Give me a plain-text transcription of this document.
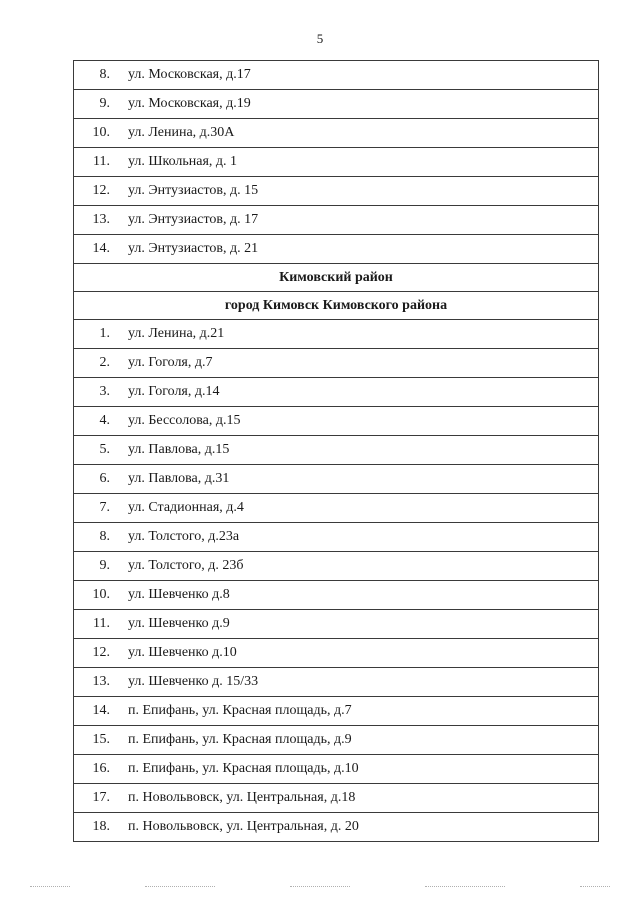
5
8. ул. Московская, д.17

9. ул. Московская, д.19

10. ул. Ленина, д.30А

11. ул. Школьная, д. 1

12. ул. Энтузиастов, д. 15

13. ул. Энтузиастов, д. 17

14. ул. Энтузиастов, д. 21

Кимовский район
город Кимовск Кимовского района

1. ул. Ленина, д.21

2. ул. Гоголя, д.7

3. ул. Гоголя, д.14

4. ул. Бессолова, д.15

5. ул. Павлова, д.15

6. ул. Павлова, д.31

7. ул. Стадионная, д.4

8. ул. Толстого, д.23а

9. ул. Толстого, д. 23б

10. ул. Шевченко д.8

11. ул. Шевченко д.9

12. ул. Шевченко д.10

13. ул. Шевченко д. 15/33

14. п. Епифань, ул. Красная площадь, д.7

15. п. Епифань, ул. Красная площадь, д.9

16. п. Епифань, ул. Красная площадь, д.10

17. п. Новольвовск, ул. Центральная, д.18

18. п. Новольвовск, ул. Центральная, д. 20
